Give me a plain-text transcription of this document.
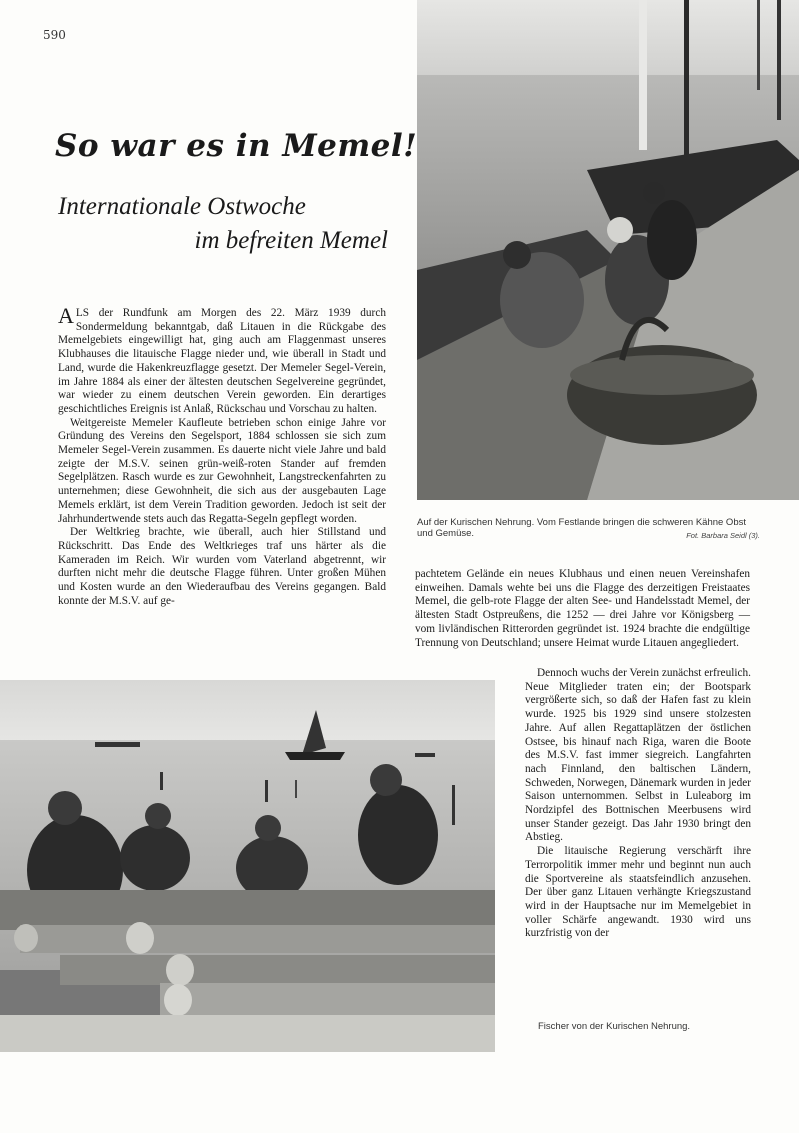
590
So war es in Memel!
Internationale Ostwoche
im befreiten Memel

ALS der Rundfunk am Morgen des 22. März 1939 durch Sondermeldung bekanntgab, daß Litauen in die Rückgabe des Memelgebiets eingewilligt hat, ging auch am Flaggenmast unseres Klubhauses die litauische Flagge nieder und, wie überall in Stadt und Land, wurde die Hakenkreuzflagge gesetzt. Der Memeler Segel-Verein, im Jahre 1884 als einer der ältesten deutschen Segelvereine gegründet, war wieder zu einem deutschen Verein geworden. Ein derartiges geschichtliches Ereignis ist Anlaß, Rückschau und Vorschau zu halten.

Weitgereiste Memeler Kaufleute betrieben schon einige Jahre vor Gründung des Vereins den Segelsport, 1884 schlossen sie sich zum Memeler Segel-Verein zusammen. Es dauerte nicht viele Jahre und bald zeigte der M.S.V. seinen grün-weiß-roten Stander auf fremden Segelplätzen. Rasch wurde es zur Gewohnheit, Langstreckenfahrten zu unternehmen; diese Gewohnheit, die sich aus der ausgebauten Lage Memels erklärt, ist dem Verein Tradition geworden. Jedoch ist seit der Jahrhundertwende stets auch das Regatta-Segeln gepflegt worden.

Der Weltkrieg brachte, wie überall, auch hier Stillstand und Rückschritt. Das Ende des Weltkrieges traf uns härter als die Kameraden im Reich. Wir wurden vom Vaterland abgetrennt, wir durften nicht mehr die deutsche Flagge führen. Unter großen Mühen und Kosten wurde an den Wiederaufbau des Vereins gegangen. Bald konnte der M.S.V. auf ge-

Auf der Kurischen Nehrung. Vom Festlande bringen die schweren Kähne Obst und Gemüse.	Fot. Barbara Seidl (3).

pachtetem Gelände ein neues Klubhaus und einen neuen Vereinshafen einweihen. Damals wehte bei uns die Flagge des derzeitigen Freistaates Memel, die gelb-rote Flagge der alten See- und Handelsstadt Memel, der ältesten Stadt Ostpreußens, die 1252 — drei Jahre vor Königsberg — vom livländischen Ritterorden gegründet ist. 1924 brachte die endgültige Trennung von Deutschland; unsere Heimat wurde Litauen angegliedert.

Dennoch wuchs der Verein zunächst erfreulich. Neue Mitglieder traten ein; der Bootspark vergrößerte sich, so daß der Hafen fast zu klein wurde. 1925 bis 1929 sind unsere stolzesten Jahre. Auf allen Regattaplätzen der östlichen Ostsee, bis hinauf nach Riga, waren die Boote des M.S.V. fast immer siegreich. Langfahrten nach Finnland, den baltischen Ländern, Schweden, Norwegen, Dänemark wurden in jeder Saison unternommen. Selbst in Luleaborg im Nordzipfel des Bottnischen Meerbusens wird unser Stander gezeigt. Das Jahr 1930 bringt den Abstieg.

Die litauische Regierung verschärft ihre Terrorpolitik immer mehr und beginnt nun auch die Sportvereine als staatsfeindlich anzusehen. Der über ganz Litauen verhängte Kriegszustand wird in der Hauptsache nur im Memelgebiet in voller Schärfe angewandt. 1930 wird uns kurzfristig von der

Fischer von der Kurischen Nehrung.
